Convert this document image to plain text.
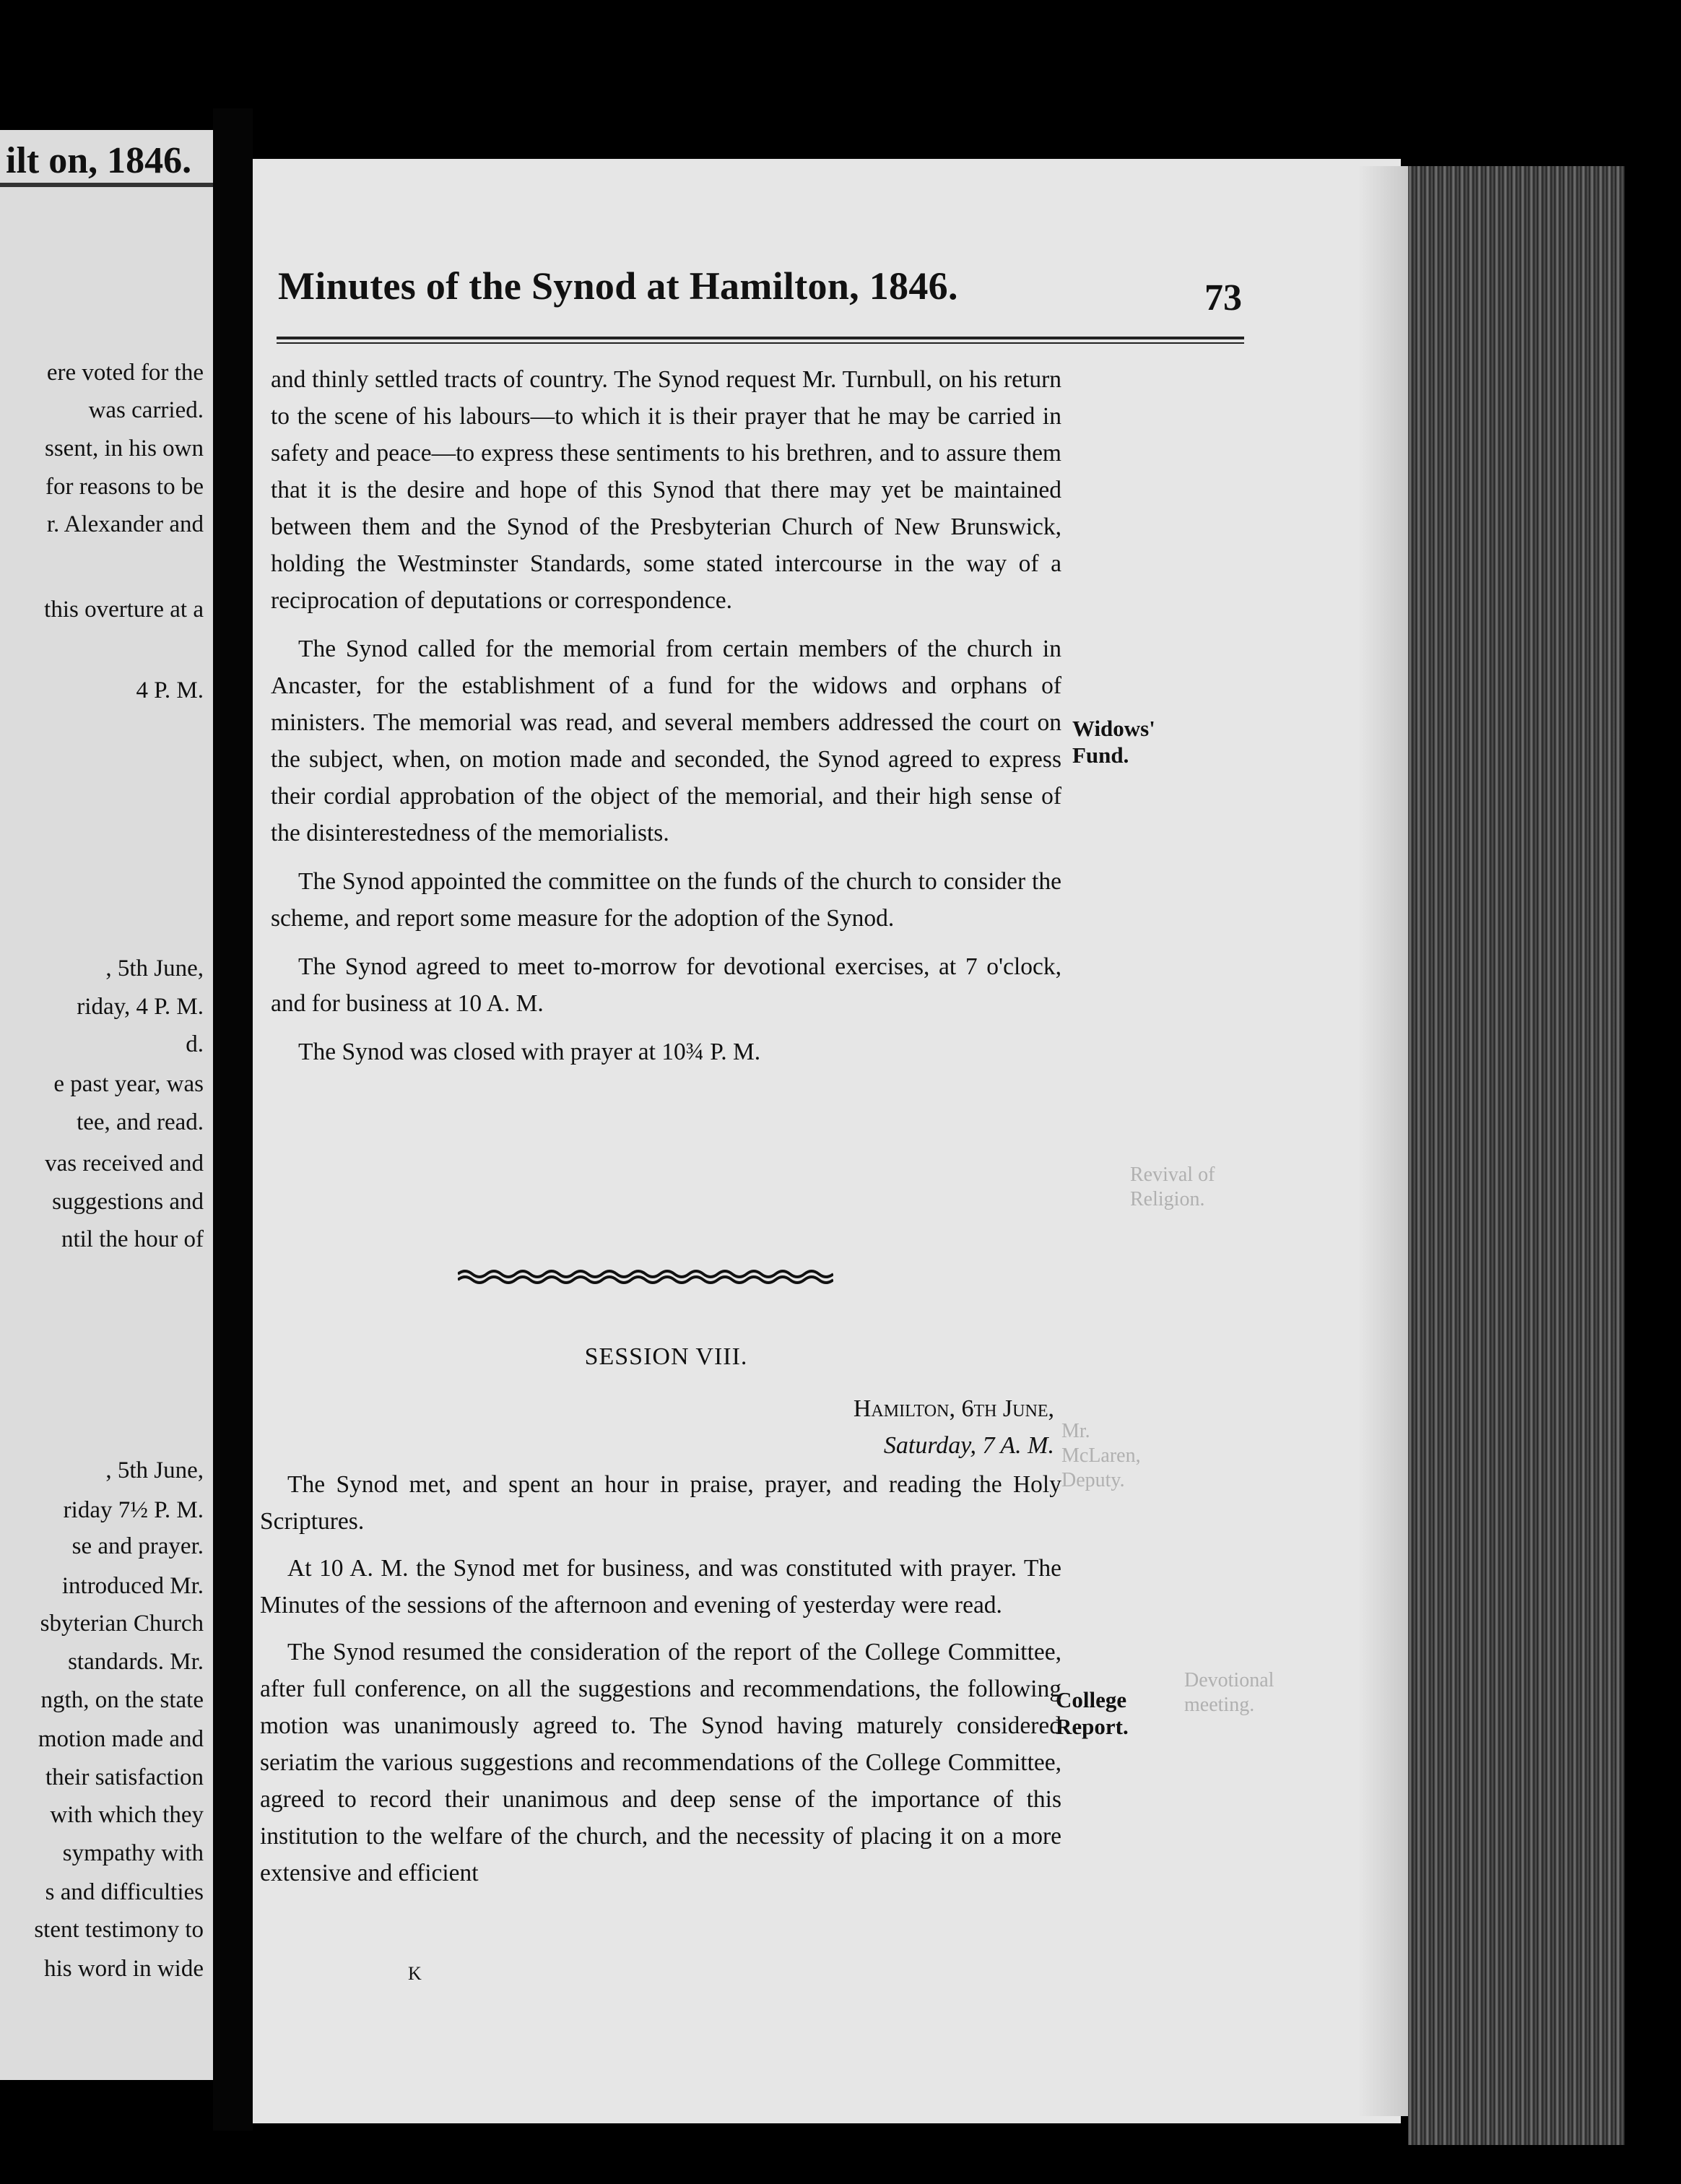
ilt on, 1846.
ere voted for the
was carried.
ssent, in his own
for reasons to be
r. Alexander and
this overture at a
4 P. M.
, 5th June,
riday, 4 P. M.
d.
e past year, was
tee, and read.
vas received and
suggestions and
ntil the hour of
, 5th June,
riday 7½ P. M.
se and prayer.
introduced Mr.
sbyterian Church
standards. Mr.
ngth, on the state
motion made and
their satisfaction
with which they
sympathy with
s and difficulties
stent testimony to
his word in wide
Revival of
Religion.
Mr.
McLaren,
Deputy.
Devotional
meeting.
Minutes of the Synod at Hamilton, 1846.	73

and thinly settled tracts of country. The Synod request Mr. Turnbull, on his return to the scene of his labours—to which it is their prayer that he may be carried in safety and peace—to express these sentiments to his brethren, and to assure them that it is the desire and hope of this Synod that there may yet be maintained between them and the Synod of the Presbyterian Church of New Brunswick, holding the Westminster Standards, some stated intercourse in the way of a reciprocation of deputations or correspondence.

The Synod called for the memorial from certain members of the church in Ancaster, for the establishment of a fund for the widows and orphans of ministers. The memorial was read, and several members addressed the court on the subject, when, on motion made and seconded, the Synod agreed to express their cordial approbation of the object of the memorial, and their high sense of the disinterestedness of the memorialists.

The Synod appointed the committee on the funds of the church to consider the scheme, and report some measure for the adoption of the Synod.

The Synod agreed to meet to-morrow for devotional exercises, at 7 o'clock, and for business at 10 A. M.

The Synod was closed with prayer at 10¾ P. M.

Widows'
Fund.
SESSION VIII.
Hamilton, 6th June,
Saturday, 7 A. M.

The Synod met, and spent an hour in praise, prayer, and reading the Holy Scriptures.

At 10 A. M. the Synod met for business, and was constituted with prayer. The Minutes of the sessions of the afternoon and evening of yesterday were read.

The Synod resumed the consideration of the report of the College Committee, after full conference, on all the suggestions and recommendations, the following motion was unanimously agreed to. The Synod having maturely considered seriatim the various suggestions and recommendations of the College Committee, agreed to record their unanimous and deep sense of the importance of this institution to the welfare of the church, and the necessity of placing it on a more extensive and efficient

College
Report.
K
